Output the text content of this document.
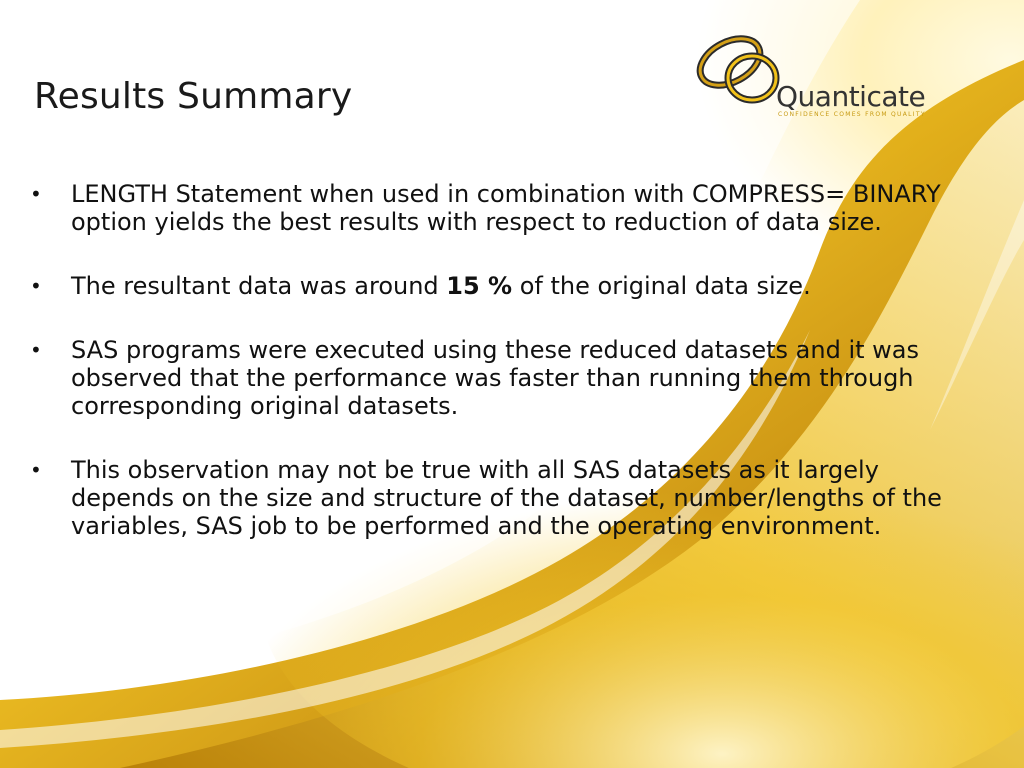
Quanticate
CONFIDENCE COMES FROM QUALITY
Results Summary
•	LENGTH Statement when used in combination with COMPRESS= BINARY option yields the best results with respect to reduction of data size.
•	The resultant data was around 15 % of the original data size.
•	SAS programs were executed using these reduced datasets and it was observed that the performance was faster than running them through corresponding original datasets.
•	This observation may not be true with all SAS datasets as it largely depends on the size and structure of the dataset, number/lengths of the variables, SAS job to be performed and the operating environment.
